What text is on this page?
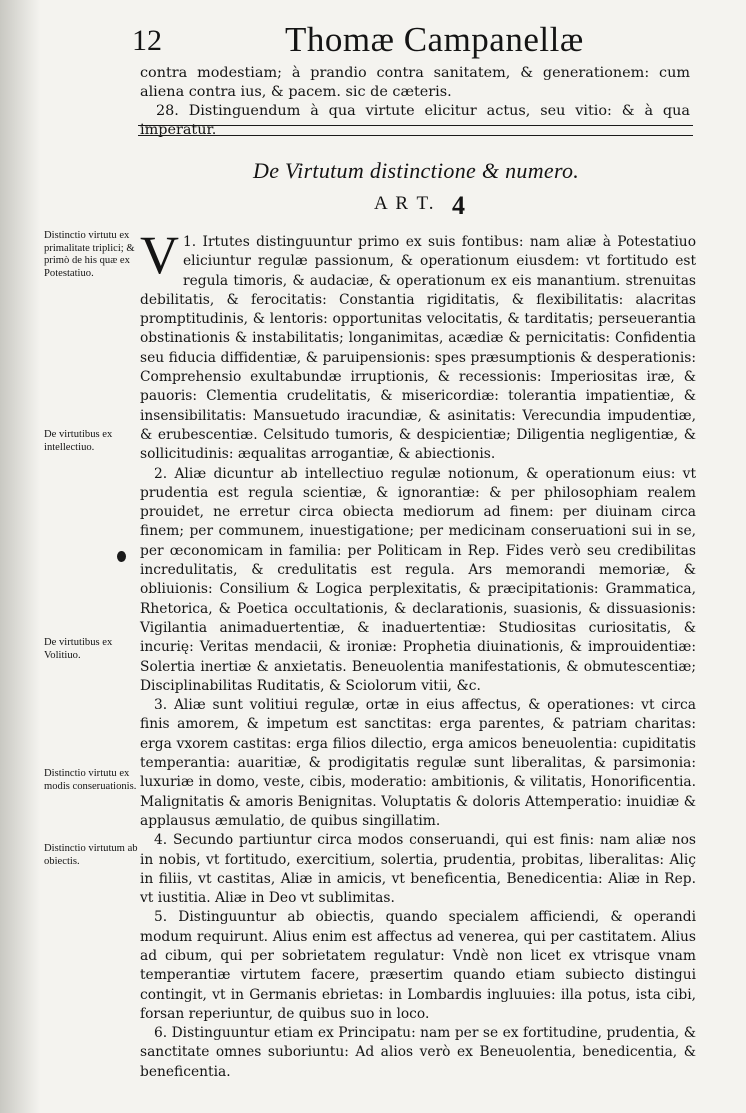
12	Thomæ Campanellæ

contra modestiam; à prandio contra sanitatem, & generationem: cum aliena contra ius, & pacem. sic de cæteris.

28. Distinguendum à qua virtute elicitur actus, seu vitio: & à qua imperatur.

De Virtutum distinctione & numero.
A R T. 4
Distinctio virtutu ex primalitate triplici; & primò de his quæ ex Potestatiuo.
De virtutibus ex intellectiuo.
De virtutibus ex Volitiuo.
Distinctio virtutu ex modis conseruationis.
Distinctio virtutum ab obiectis.

1.
V Irtutes distinguuntur primo ex suis fontibus: nam aliæ à Potestatiuo eliciuntur regulæ passionum, & operationum eiusdem: vt fortitudo est regula timoris, & audaciæ, & operationum ex eis manantium. strenuitas debilitatis, & ferocitatis: Constantia rigiditatis, & flexibilitatis: alacritas promptitudinis, & lentoris: opportunitas velocitatis, & tarditatis; perseuerantia obstinationis & instabilitatis; longanimitas, acædiæ & pernicitatis: Confidentia seu fiducia diffidentiæ, & paruipensionis: spes præsumptionis & desperationis: Comprehensio exultabundæ irruptionis, & recessionis: Imperiositas iræ, & pauoris: Clementia crudelitatis, & misericordiæ: tolerantia impatientiæ, & insensibilitatis: Mansuetudo iracundiæ, & asinitatis: Verecundia impudentiæ, & erubescentiæ. Celsitudo tumoris, & despicientiæ; Diligentia negligentiæ, & sollicitudinis: æqualitas arrogantiæ, & abiectionis.

2. Aliæ dicuntur ab intellectiuo regulæ notionum, & operationum eius: vt prudentia est regula scientiæ, & ignorantiæ: & per philosophiam realem prouidet, ne erretur circa obiecta mediorum ad finem: per diuinam circa finem; per communem, inuestigatione; per medicinam conseruationi sui in se, per œconomicam in familia: per Politicam in Rep. Fides verò seu credibilitas incredulitatis, & credulitatis est regula. Ars memorandi memoriæ, & obliuionis: Consilium & Logica perplexitatis, & præcipitationis: Grammatica, Rhetorica, & Poetica occultationis, & declarationis, suasionis, & dissuasionis: Vigilantia animaduertentiæ, & inaduertentiæ: Studiositas curiositatis, & incurię: Veritas mendacii, & ironiæ: Prophetia diuinationis, & improuidentiæ: Solertia inertiæ & anxietatis. Beneuolentia manifestationis, & obmutescentiæ; Disciplinabilitas Ruditatis, & Sciolorum vitii, &c.

3. Aliæ sunt volitiui regulæ, ortæ in eius affectus, & operationes: vt circa finis amorem, & impetum est sanctitas: erga parentes, & patriam charitas: erga vxorem castitas: erga filios dilectio, erga amicos beneuolentia: cupiditatis temperantia: auaritiæ, & prodigitatis regulæ sunt liberalitas, & parsimonia: luxuriæ in domo, veste, cibis, moderatio: ambitionis, & vilitatis, Honorificentia. Malignitatis & amoris Benignitas. Voluptatis & doloris Attemperatio: inuidiæ & applausus æmulatio, de quibus singillatim.

4. Secundo partiuntur circa modos conseruandi, qui est finis: nam aliæ nos in nobis, vt fortitudo, exercitium, solertia, prudentia, probitas, liberalitas: Aliç in filiis, vt castitas, Aliæ in amicis, vt beneficentia, Benedicentia: Aliæ in Rep. vt iustitia. Aliæ in Deo vt sublimitas.

5. Distinguuntur ab obiectis, quando specialem afficiendi, & operandi modum requirunt. Alius enim est affectus ad venerea, qui per castitatem. Alius ad cibum, qui per sobrietatem regulatur: Vndè non licet ex vtrisque vnam temperantiæ virtutem facere, præsertim quando etiam subiecto distingui contingit, vt in Germanis ebrietas: in Lombardis ingluuies: illa potus, ista cibi, forsan reperiuntur, de quibus suo in loco.

6. Distinguuntur etiam ex Principatu: nam per se ex fortitudine, prudentia, & sanctitate omnes suboriuntu: Ad alios verò ex Beneuolentia, benedicentia, & beneficentia.
